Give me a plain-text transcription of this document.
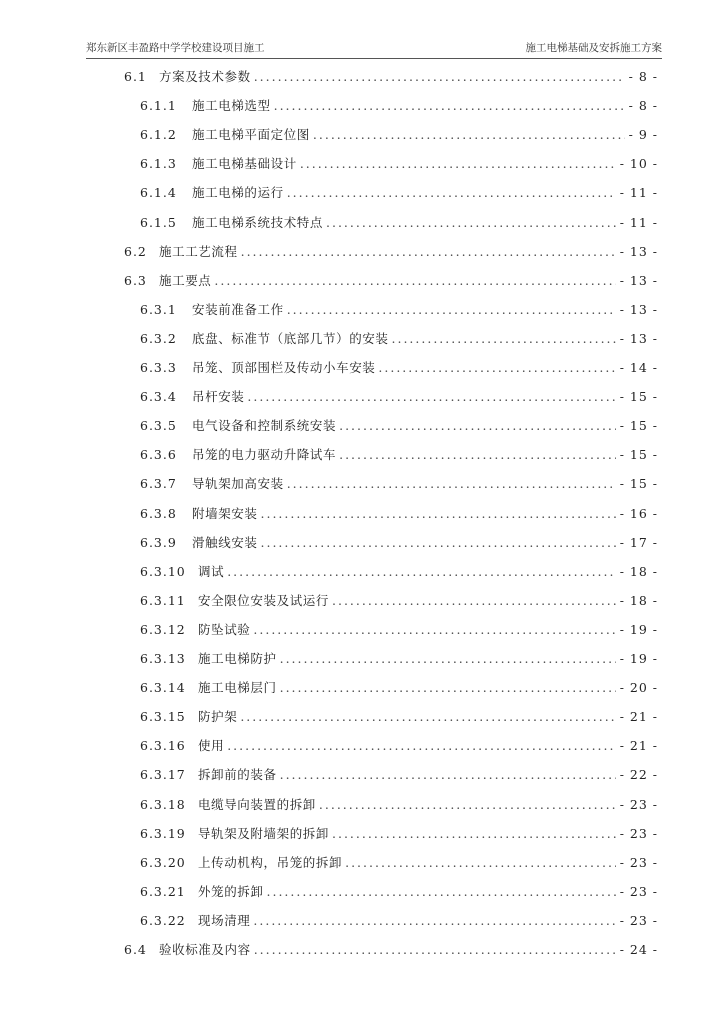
郑东新区丰盈路中学学校建设项目施工	施工电梯基础及安拆施工方案
6.1 方案及技术参数 .....	- 8 -
6.1.1	施工电梯选型 .....	- 8 -
6.1.2	施工电梯平面定位图 .....	- 9 -
6.1.3	施工电梯基础设计 .....	- 10 -
6.1.4	施工电梯的运行 .....	- 11 -
6.1.5	施工电梯系统技术特点 .....	- 11 -
6.2 施工工艺流程 .....	- 13 -
6.3 施工要点 .....	- 13 -
6.3.1	安装前准备工作 .....	- 13 -
6.3.2	底盘、标准节（底部几节）的安装 .....	- 13 -
6.3.3	吊笼、顶部围栏及传动小车安装 .....	- 14 -
6.3.4	吊杆安装 .....	- 15 -
6.3.5	电气设备和控制系统安装 .....	- 15 -
6.3.6	吊笼的电力驱动升降试车 .....	- 15 -
6.3.7	导轨架加高安装 .....	- 15 -
6.3.8	附墙架安装 .....	- 16 -
6.3.9	滑触线安装 .....	- 17 -
6.3.10 调试 .....	- 18 -
6.3.11 安全限位安装及试运行 .....	- 18 -
6.3.12 防坠试验 .....	- 19 -
6.3.13 施工电梯防护 .....	- 19 -
6.3.14 施工电梯层门 .....	- 20 -
6.3.15 防护架 .....	- 21 -
6.3.16 使用 .....	- 21 -
6.3.17 拆卸前的装备 .....	- 22 -
6.3.18 电缆导向装置的拆卸 .....	- 23 -
6.3.19 导轨架及附墙架的拆卸 .....	- 23 -
6.3.20 上传动机构，吊笼的拆卸 .....	- 23 -
6.3.21 外笼的拆卸 .....	- 23 -
6.3.22 现场清理 .....	- 23 -
6.4 验收标准及内容 .....	- 24 -
